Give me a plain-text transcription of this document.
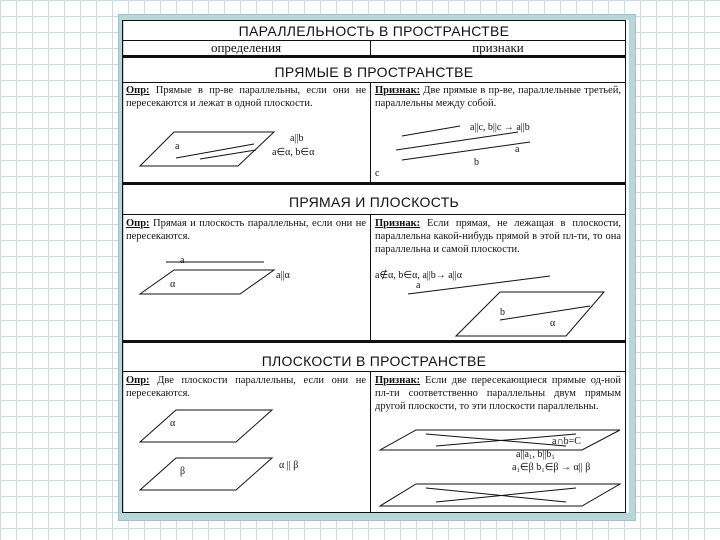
ПАРАЛЛЕЛЬНОСТЬ В ПРОСТРАНСТВЕ
определения	признаки
ПРЯМЫЕ В ПРОСТРАНСТВЕ
Опр: Прямые в пр-ве параллельны, если они не пересекаются и лежат в одной плоскости.
Признак: Две прямые в пр-ве, параллельные третьей, параллельны между собой.
a
a||b
a∈α, b∈α
a||c, b||c → a||b
a
b
c
ПРЯМАЯ И ПЛОСКОСТЬ
Опр: Прямая и плоскость параллельны, если они не пересекаются.
Признак: Если прямая, не лежащая в плоскости, параллельна какой-нибудь прямой в этой пл-ти, то она параллельна и самой плоскости.
a
α
a||α	a∉α, b∈α, a||b→ a||α
a
b
α
ПЛОСКОСТИ В ПРОСТРАНСТВЕ
Опр: Две плоскости параллельны, если они не пересекаются.
Признак: Если две пересекающиеся прямые од-ной пл-ти соответственно параллельны двум прямым другой плоскости, то эти плоскости параллельны.
α
β
α || β
a∩b=C
a||a₁, b||b₁
a₁∈β b₁∈β → α|| β
